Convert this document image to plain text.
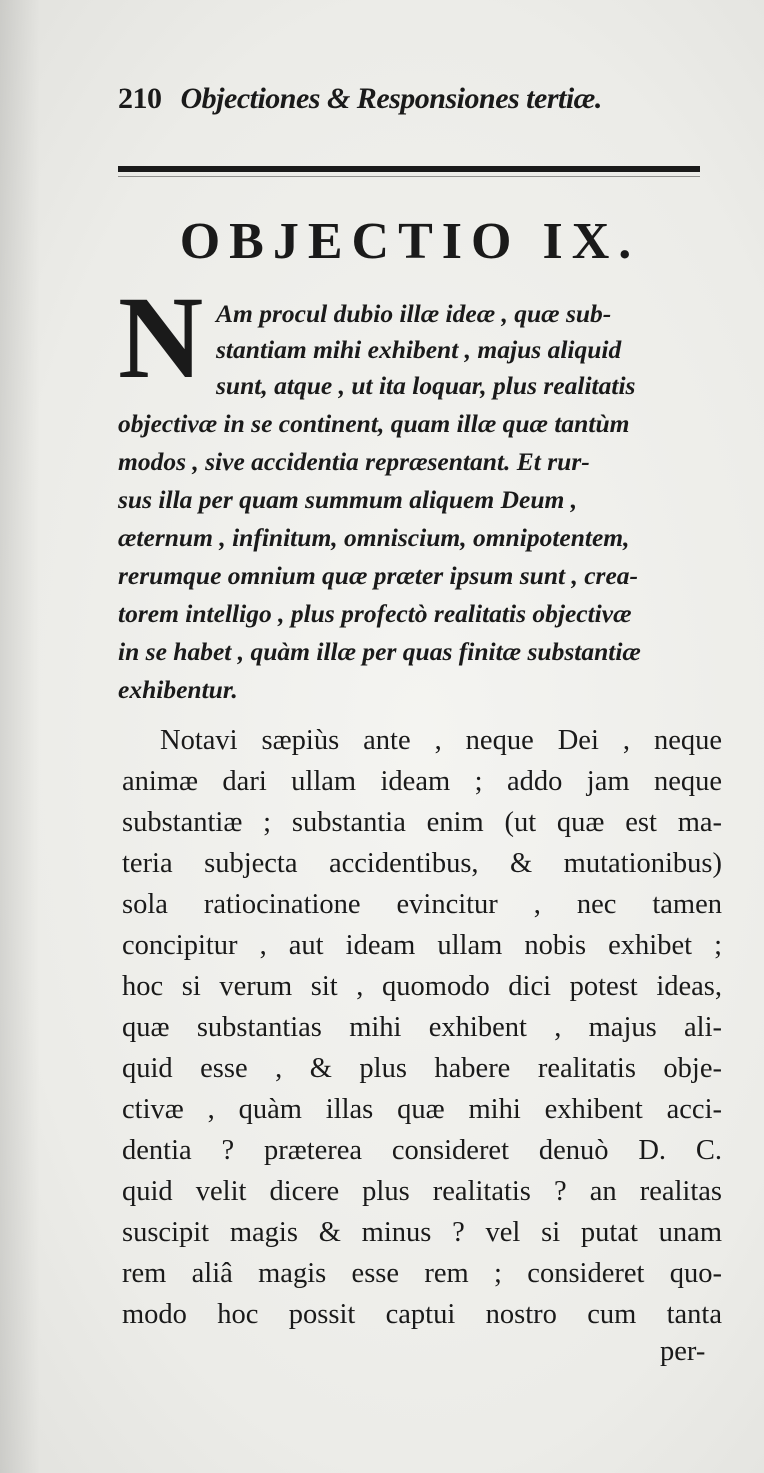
210 Objectiones & Responsiones tertiæ.
OBJECTIO IX.
N Am procul dubio illæ ideæ , quæ sub-
stantiam mihi exhibent , majus aliquid
sunt, atque , ut ita loquar, plus realitatis
objectivæ in se continent, quam illæ quæ tantùm
modos , sive accidentia repræsentant. Et rur-
sus illa per quam summum aliquem Deum ,
æternum , infinitum, omniscium, omnipotentem,
rerumque omnium quæ præter ipsum sunt , crea-
torem intelligo , plus profectò realitatis objectivæ
in se habet , quàm illæ per quas finitæ substantiæ
exhibentur.
Notavi sæpiùs ante , neque Dei , neque
animæ dari ullam ideam ; addo jam neque
substantiæ ; substantia enim (ut quæ est ma-
teria subjecta accidentibus, & mutationibus)
sola ratiocinatione evincitur , nec tamen
concipitur , aut ideam ullam nobis exhibet ;
hoc si verum sit , quomodo dici potest ideas,
quæ substantias mihi exhibent , majus ali-
quid esse , & plus habere realitatis obje-
ctivæ , quàm illas quæ mihi exhibent acci-
dentia ? præterea consideret denuò D. C.
quid velit dicere plus realitatis ? an realitas
suscipit magis & minus ? vel si putat unam
rem aliâ magis esse rem ; consideret quo-
modo hoc possit captui nostro cum tanta
per-
